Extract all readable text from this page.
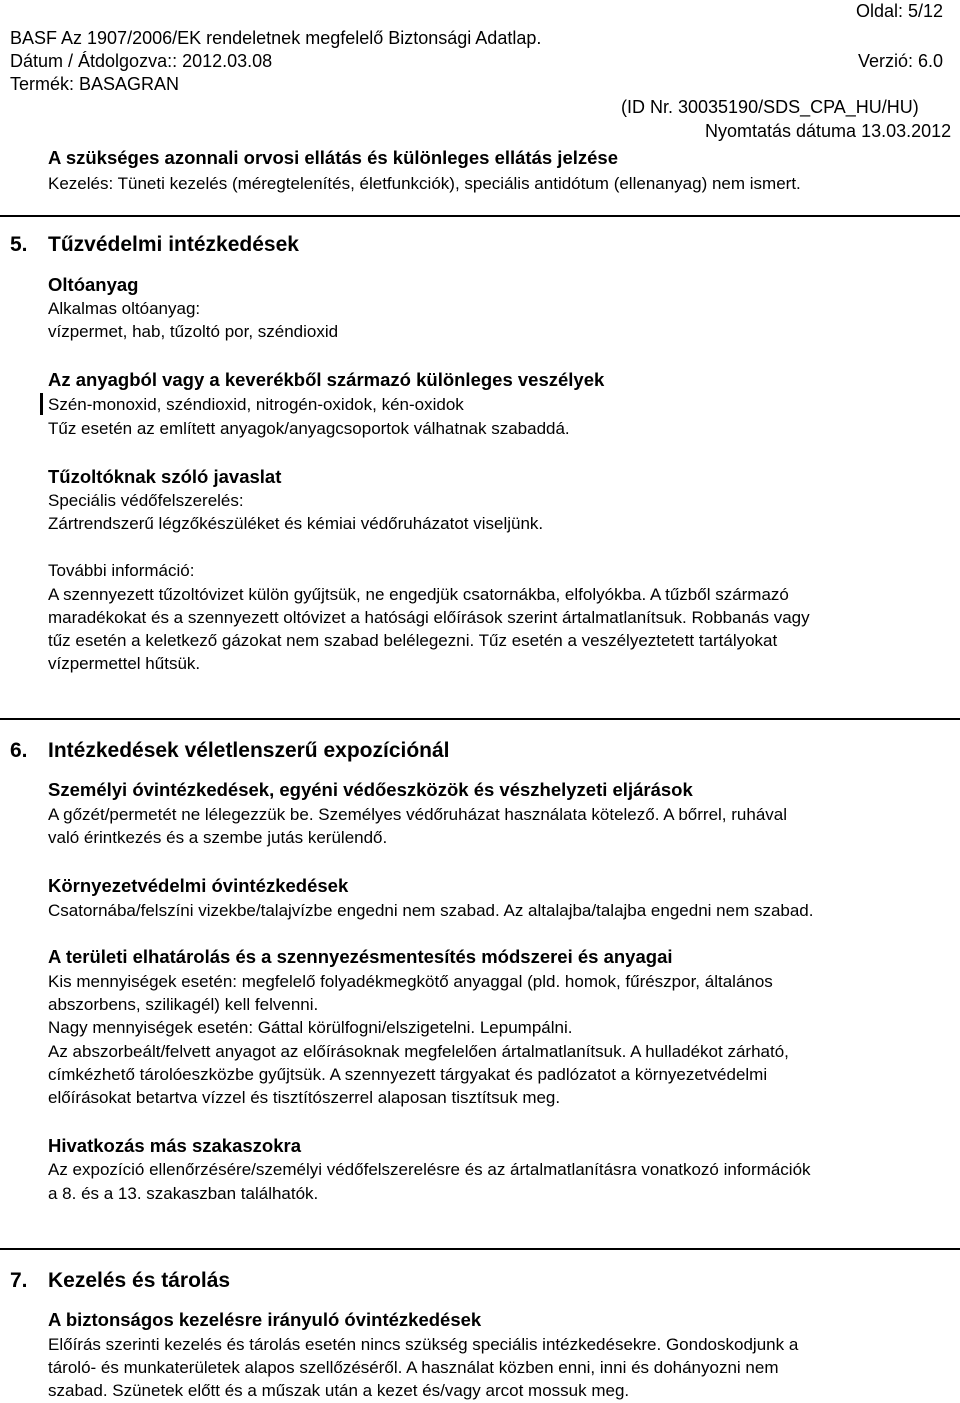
Oldal: 5/12
BASF Az 1907/2006/EK rendeletnek megfelelő Biztonsági Adatlap.
Dátum / Átdolgozva:: 2012.03.08	Verzió: 6.0
Termék: BASAGRAN
(ID Nr. 30035190/SDS_CPA_HU/HU)
Nyomtatás dátuma 13.03.2012
A szükséges azonnali orvosi ellátás és különleges ellátás jelzése
Kezelés: Tüneti kezelés (méregtelenítés, életfunkciók), speciális antidótum (ellenanyag) nem ismert.
5. Tűzvédelmi intézkedések
Oltóanyag
Alkalmas oltóanyag:
vízpermet, hab, tűzoltó por, széndioxid
Az anyagból vagy a keverékből származó különleges veszélyek
Szén-monoxid, széndioxid, nitrogén-oxidok, kén-oxidok
Tűz esetén az említett anyagok/anyagcsoportok válhatnak szabaddá.
Tűzoltóknak szóló javaslat
Speciális védőfelszerelés:
Zártrendszerű légzőkészüléket és kémiai védőruházatot viseljünk.
További információ:
A szennyezett tűzoltóvizet külön gyűjtsük, ne engedjük csatornákba, elfolyókba. A tűzből származó
maradékokat és a szennyezett oltóvizet a hatósági előírások szerint ártalmatlanítsuk. Robbanás vagy
tűz esetén a keletkező gázokat nem szabad belélegezni. Tűz esetén a veszélyeztetett tartályokat
vízpermettel hűtsük.
6. Intézkedések véletlenszerű expozíciónál
Személyi óvintézkedések, egyéni védőeszközök és vészhelyzeti eljárások
A gőzét/permetét ne lélegezzük be. Személyes védőruházat használata kötelező. A bőrrel, ruhával
való érintkezés és a szembe jutás kerülendő.
Környezetvédelmi óvintézkedések
Csatornába/felszíni vizekbe/talajvízbe engedni nem szabad. Az altalajba/talajba engedni nem szabad.
A területi elhatárolás és a szennyezésmentesítés módszerei és anyagai
Kis mennyiségek esetén: megfelelő folyadékmegkötő anyaggal (pld. homok, fűrészpor, általános
abszorbens, szilikagél) kell felvenni.
Nagy mennyiségek esetén: Gáttal körülfogni/elszigetelni. Lepumpálni.
Az abszorbeált/felvett anyagot az előírásoknak megfelelően ártalmatlanítsuk. A hulladékot zárható,
címkézhető tárolóeszközbe gyűjtsük. A szennyezett tárgyakat és padlózatot a környezetvédelmi
előírásokat betartva vízzel és tisztítószerrel alaposan tisztítsuk meg.
Hivatkozás más szakaszokra
Az expozíció ellenőrzésére/személyi védőfelszerelésre és az ártalmatlanításra vonatkozó információk
a 8. és a 13. szakaszban találhatók.
7. Kezelés és tárolás
A biztonságos kezelésre irányuló óvintézkedések
Előírás szerinti kezelés és tárolás esetén nincs szükség speciális intézkedésekre. Gondoskodjunk a
tároló- és munkaterületek alapos szellőzéséről. A használat közben enni, inni és dohányozni nem
szabad. Szünetek előtt és a műszak után a kezet és/vagy arcot mossuk meg.
